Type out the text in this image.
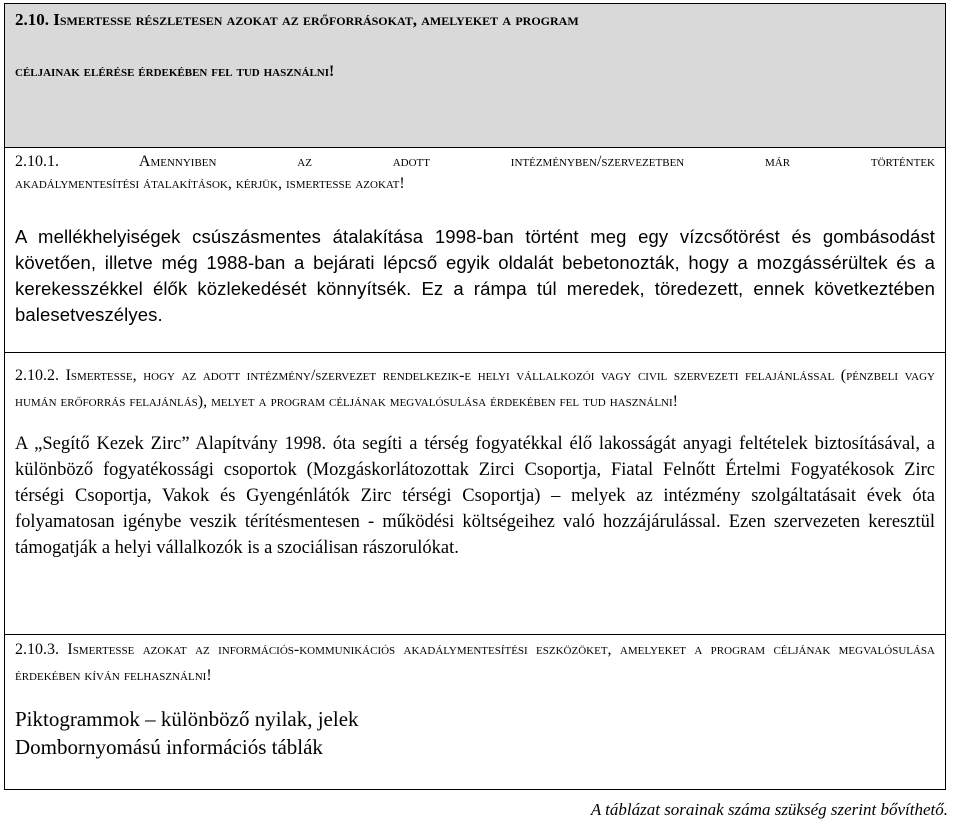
2.10. Ismertesse részletesen azokat az erőforrásokat, amelyeket a program
céljainak elérése érdekében fel tud használni!
2.10.1. Amennyiben az adott intézményben/szervezetben már történtek
akadálymentesítési átalakítások, kérjük, ismertesse azokat!
A mellékhelyiségek csúszásmentes átalakítása 1998-ban történt meg egy vízcsőtörést és gombásodást követően, illetve még 1988-ban a bejárati lépcső egyik oldalát bebetonozták, hogy a mozgássérültek és a kerekesszékkel élők közlekedését könnyítsék. Ez a rámpa túl meredek, töredezett, ennek következtében balesetveszélyes.
2.10.2. Ismertesse, hogy az adott intézmény/szervezet rendelkezik-e helyi vállalkozói vagy civil szervezeti felajánlással (pénzbeli vagy humán erőforrás felajánlás), melyet a program céljának megvalósulása érdekében fel tud használni!
A „Segítő Kezek Zirc” Alapítvány 1998. óta segíti a térség fogyatékkal élő lakosságát anyagi feltételek biztosításával, a különböző fogyatékossági csoportok (Mozgáskorlátozottak Zirci Csoportja, Fiatal Felnőtt Értelmi Fogyatékosok Zirc térségi Csoportja, Vakok és Gyengénlátók Zirc térségi Csoportja) – melyek az intézmény szolgáltatásait évek óta folyamatosan igénybe veszik térítésmentesen - működési költségeihez való hozzájárulással. Ezen szervezeten keresztül támogatják a helyi vállalkozók is a szociálisan rászorulókat.
2.10.3. Ismertesse azokat az információs-kommunikációs akadálymentesítési eszközöket, amelyeket a program céljának megvalósulása érdekében kíván felhasználni!
Piktogrammok – különböző nyilak, jelek
Dombornyomású információs táblák
A táblázat sorainak száma szükség szerint bővíthető.
